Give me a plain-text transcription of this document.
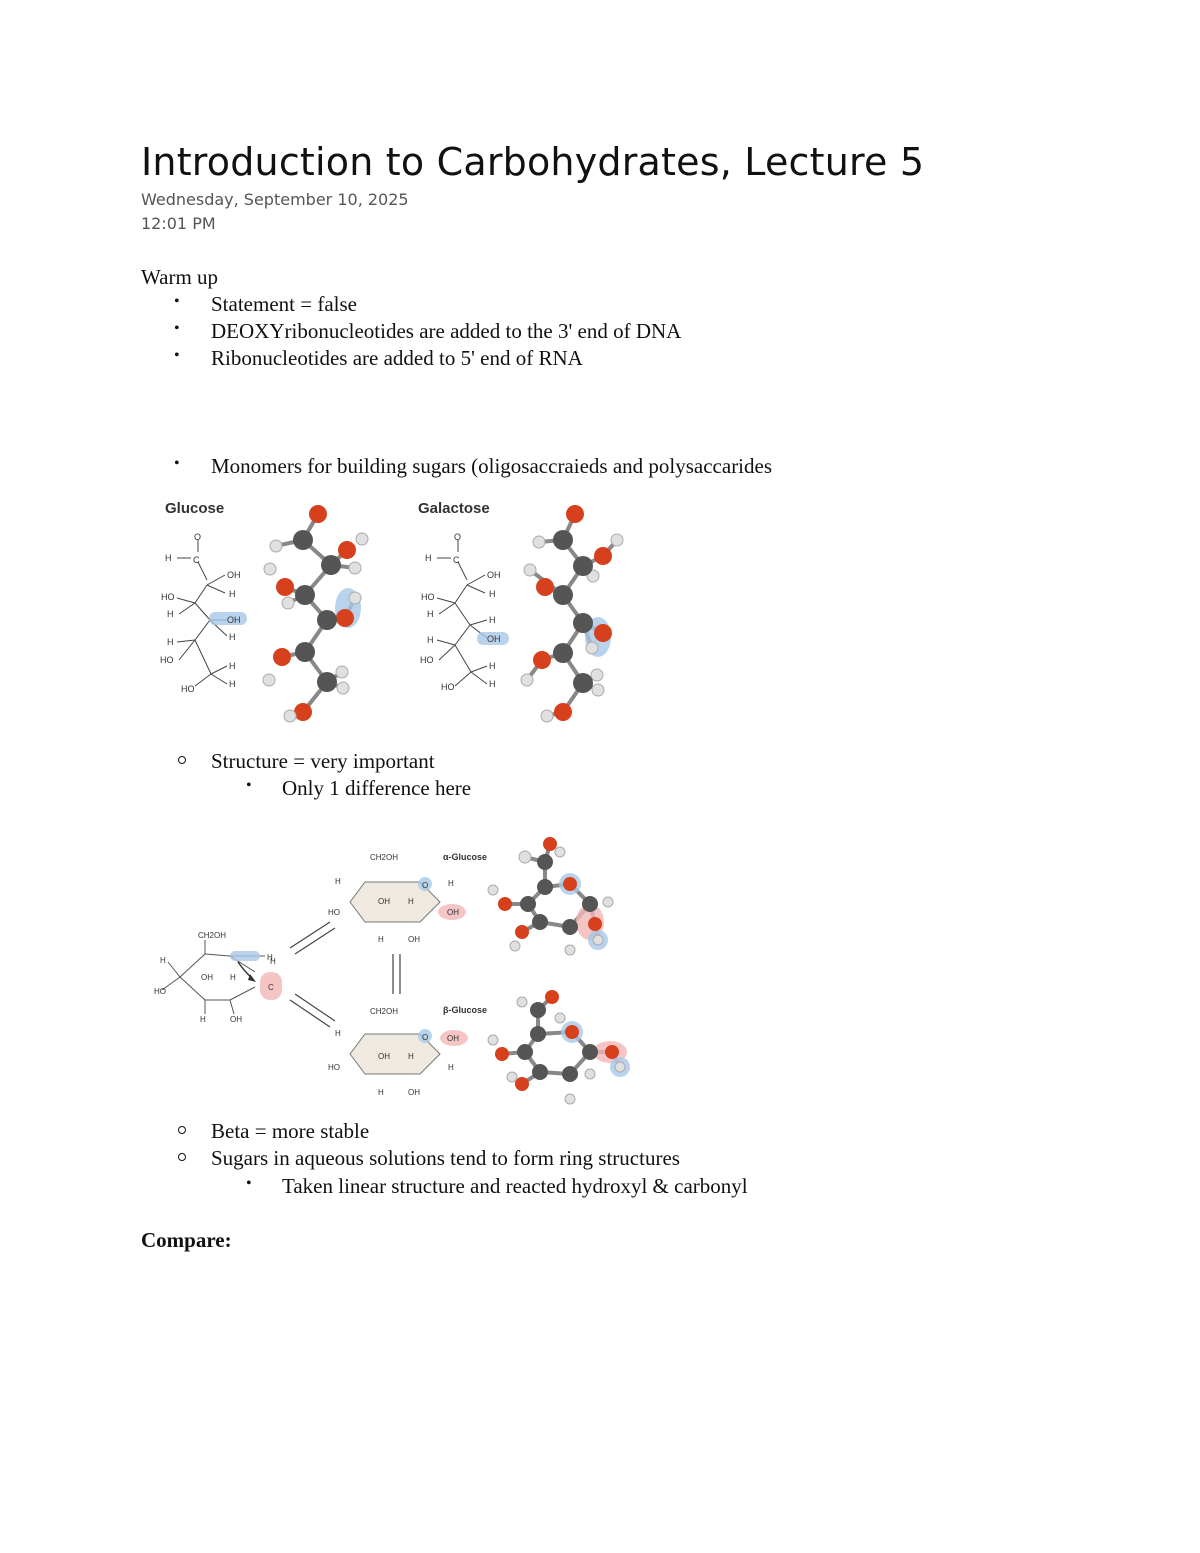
Introduction to Carbohydrates, Lecture 5
Wednesday, September 10, 2025
12:01 PM
Warm up
• Statement = false
• DEOXYribonucleotides are added to the 3' end of DNA
• Ribonucleotides are added to 5' end of RNA
• Monomers for building sugars (oligosaccraieds and polysaccarides
Glucose	Galactose
O
H C
OH
H
HO
H
OH
H
H
HO
H
H
HO
O
H C
OH
H
HO
H
H
OH
H
HO
H
H
HO
Structure = very important
• Only 1 difference here
CH2OH
H
HO
OH H
H	OH
H
C
H
CH2OH	α-Glucose
H
HO
O H
OH
OH H
H	OH
CH2OH	β-Glucose
H
HO
O OH
H
OH H
H	OH
Beta = more stable
Sugars in aqueous solutions tend to form ring structures
• Taken linear structure and reacted hydroxyl & carbonyl
Compare:
